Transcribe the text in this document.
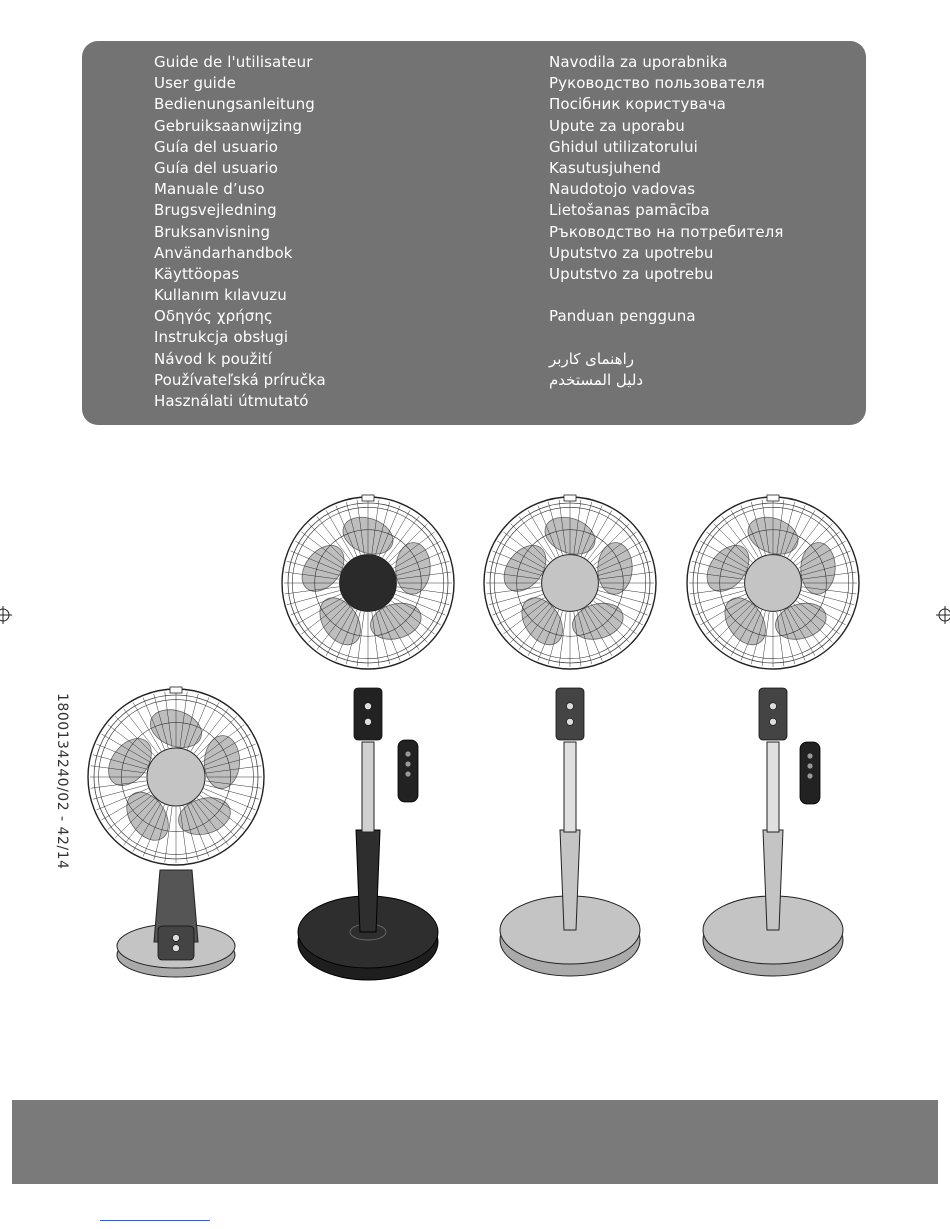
Guide de l'utilisateur
User guide
Bedienungsanleitung
Gebruiksaanwijzing
Guía del usuario
Guía del usuario
Manuale d’uso
Brugsvejledning
Bruksanvisning
Användarhandbok
Käyttöopas
Kullanım kılavuzu
Οδηγός χρήσης
Instrukcja obsługi
Návod k použití
Používateľská príručka
Használati útmutató
Navodila za uporabnika
Руководство пользователя
Посібник користувача
Upute za uporabu
Ghidul utilizatorului
Kasutusjuhend
Naudotojo vadovas
Lietošanas pamācība
Ръководство на потребителя
Uputstvo za upotrebu
Uputstvo za upotrebu
Panduan pengguna
راهنمای کاربر
دليل المستخدم
1800134240/02 - 42/14
